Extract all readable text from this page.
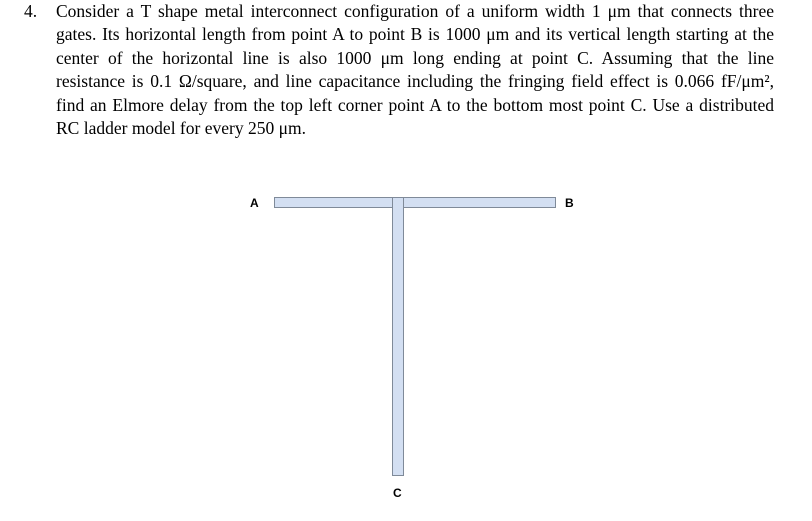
4. Consider a T shape metal interconnect configuration of a uniform width 1 μm that connects three
gates. Its horizontal length from point A to point B is 1000 μm and its vertical length starting at the
center of the horizontal line is also 1000 μm long ending at point C. Assuming that the line
resistance is 0.1 Ω/square, and line capacitance including the fringing field effect is 0.066 fF/μm²,
find an Elmore delay from the top left corner point A to the bottom most point C. Use a distributed
RC ladder model for every 250 μm.
A	B
C
